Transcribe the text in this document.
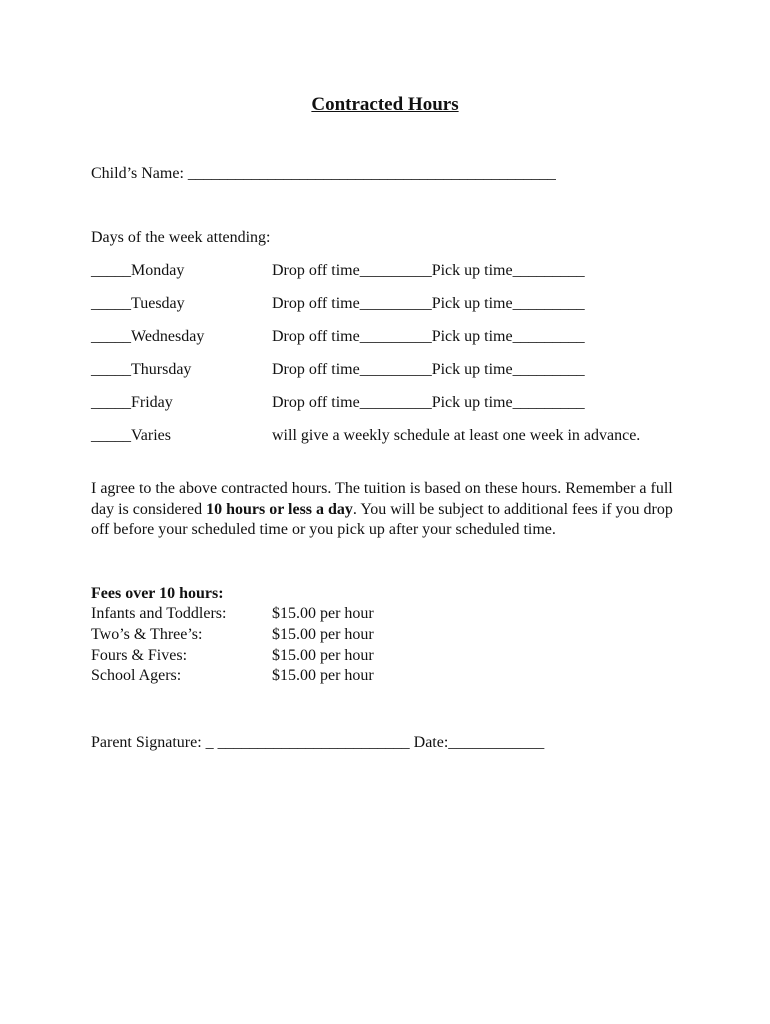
Contracted Hours
Child’s Name: ______________________________________________
Days of the week attending:
_____Monday	Drop off time_________Pick up time_________
_____Tuesday	Drop off time_________Pick up time_________
_____Wednesday	Drop off time_________Pick up time_________
_____Thursday	Drop off time_________Pick up time_________
_____Friday	Drop off time_________Pick up time_________
_____Varies	will give a weekly schedule at least one week in advance.
I agree to the above contracted hours. The tuition is based on these hours. Remember a full day is considered 10 hours or less a day. You will be subject to additional fees if you drop off before your scheduled time or you pick up after your scheduled time.
Fees over 10 hours:
Infants and Toddlers:	$15.00 per hour
Two’s & Three’s:	$15.00 per hour
Fours & Fives:	$15.00 per hour
School Agers:	$15.00 per hour
Parent Signature: _ ________________________ Date:____________
